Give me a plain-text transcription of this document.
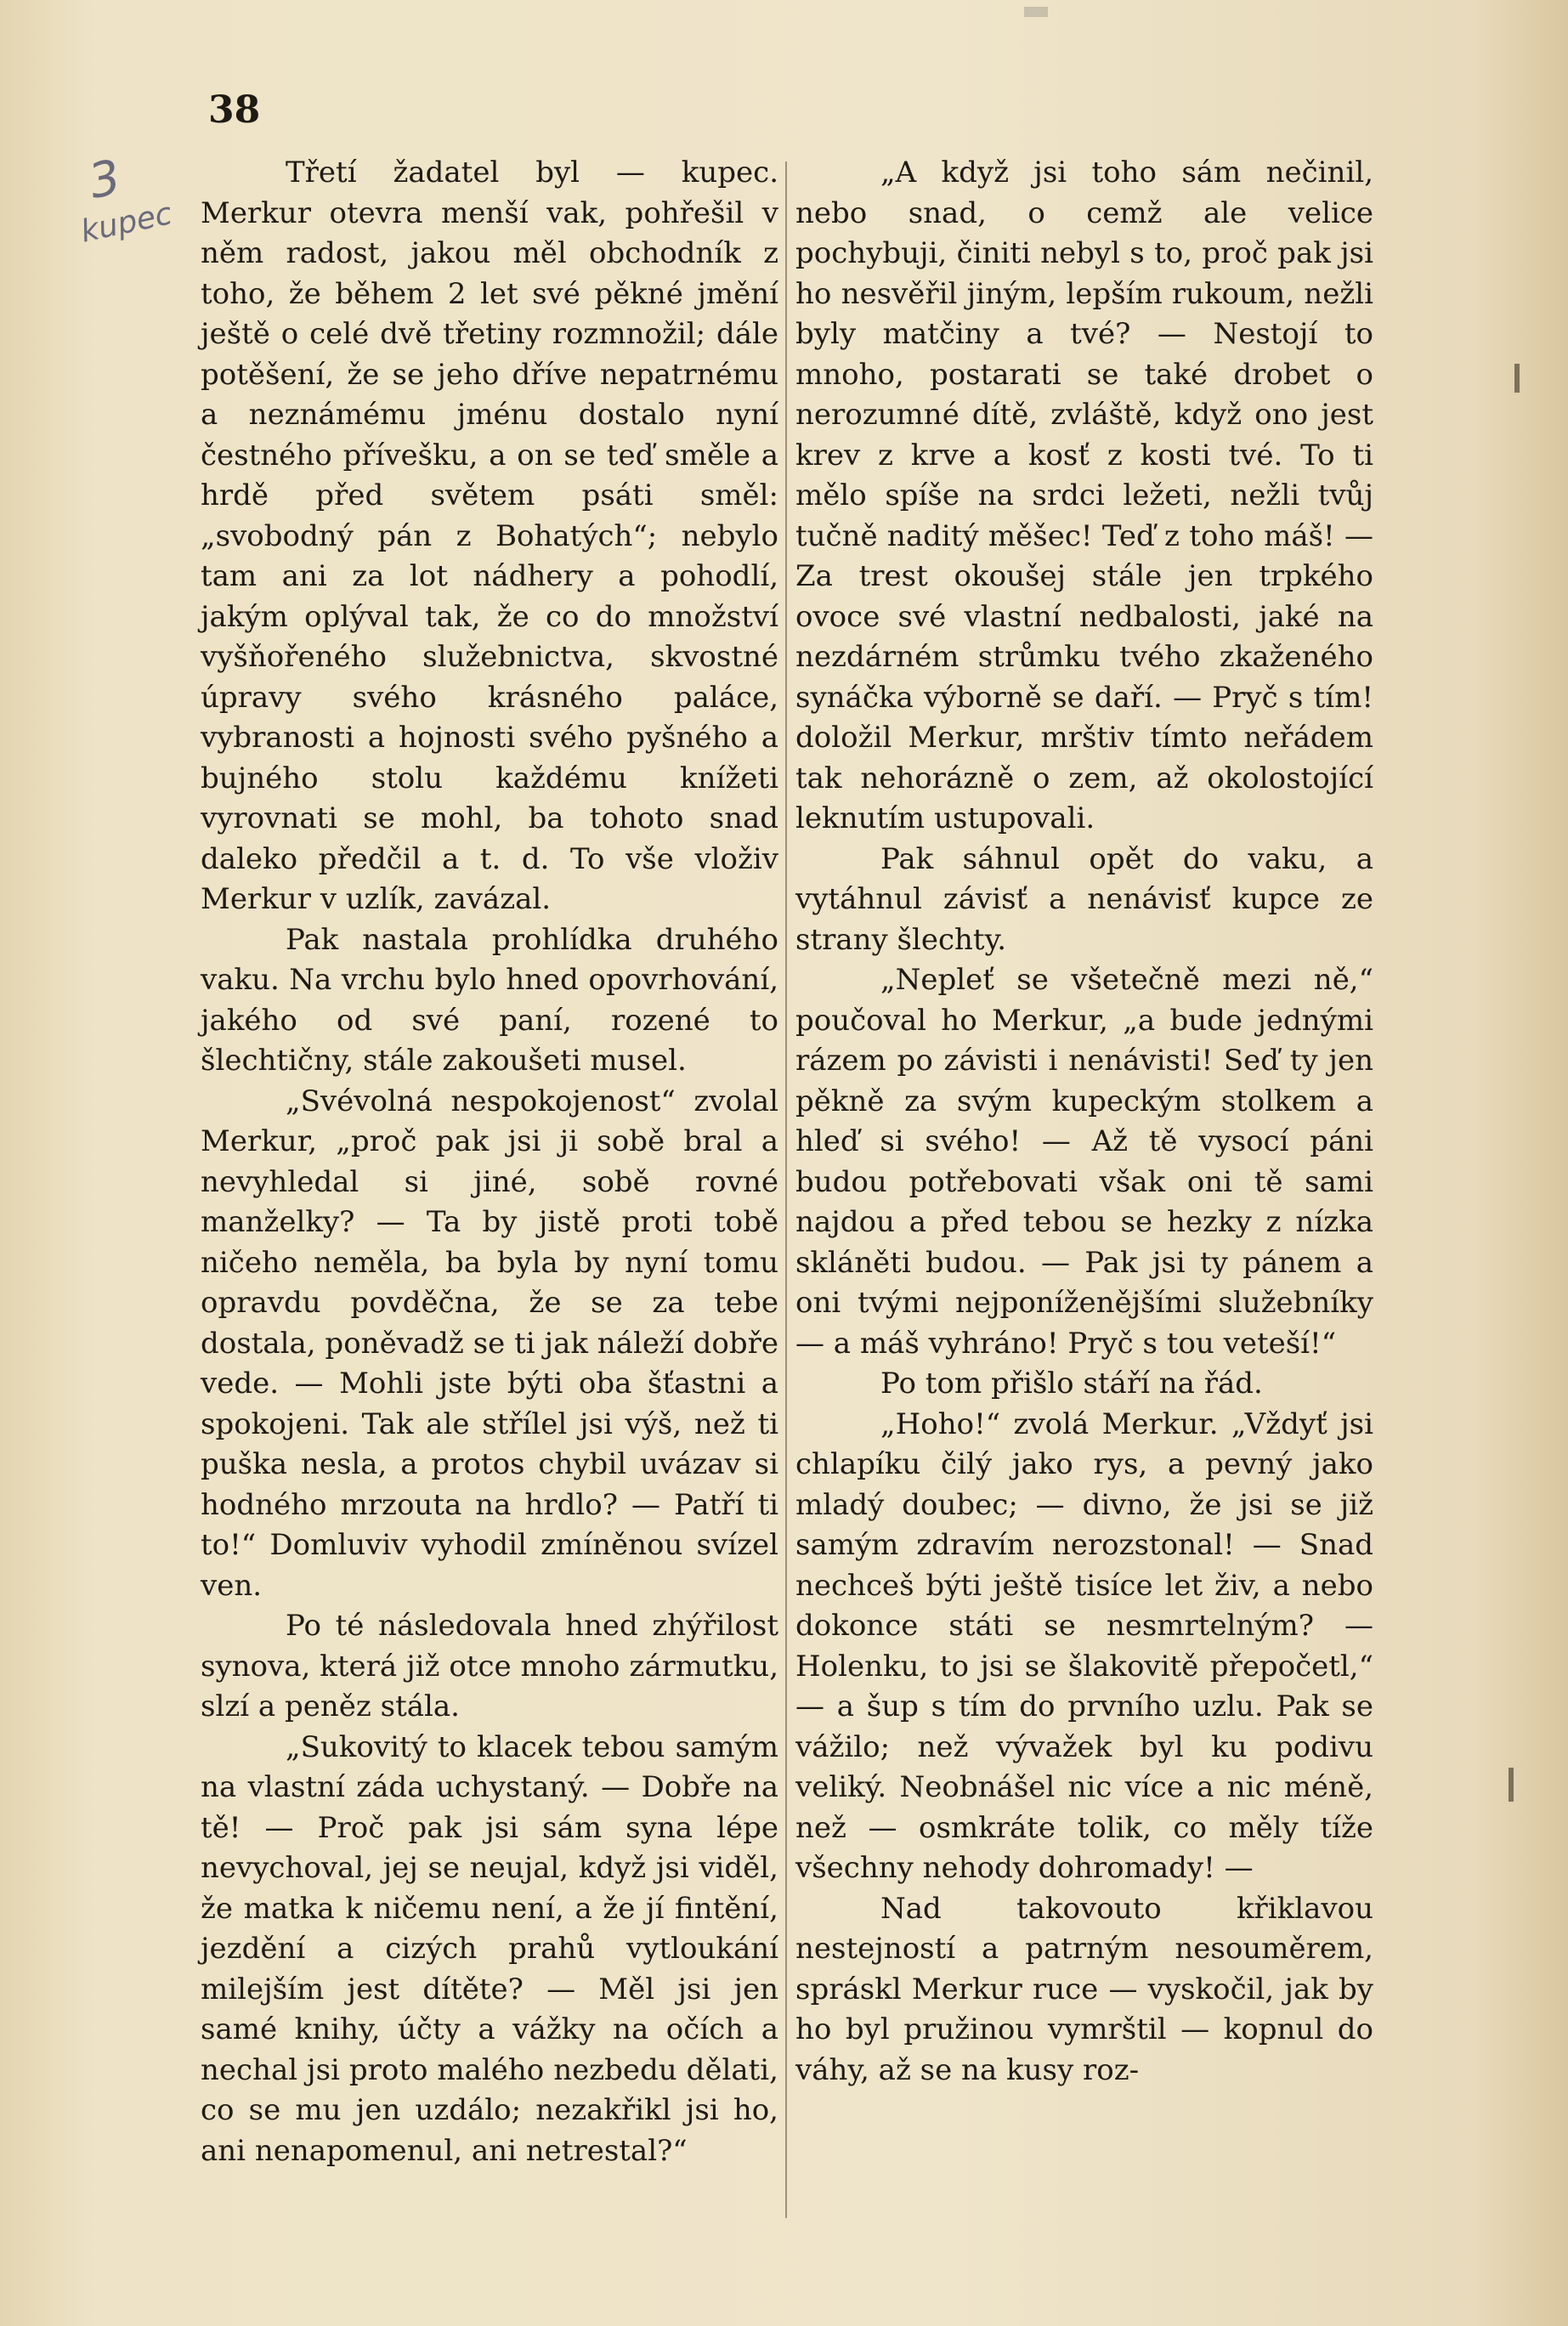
38
3
kupec

Třetí žadatel byl — kupec. Merkur otevra menší vak, pohřešil v něm radost, jakou měl obchodník z toho, že během 2 let své pěkné jmění ještě o celé dvě třetiny rozmnožil; dále potěšení, že se jeho dříve nepatrnému a neznámému jménu dostalo nyní čestného přívešku, a on se teď směle a hrdě před světem psáti směl: „svobodný pán z Bohatých“; nebylo tam ani za lot nádhery a pohodlí, jakým oplýval tak, že co do množství vyšňořeného služebnictva, skvostné úpravy svého krásného paláce, vybranosti a hojnosti svého pyšného a bujného stolu každému knížeti vyrovnati se mohl, ba tohoto snad daleko předčil a t. d. To vše vloživ Merkur v uzlík, zavázal.

Pak nastala prohlídka druhého vaku. Na vrchu bylo hned opovrhování, jakého od své paní, rozené to šlechtičny, stále zakoušeti musel.

„Svévolná nespokojenost“ zvolal Merkur, „proč pak jsi ji sobě bral a nevyhledal si jiné, sobě rovné manželky? — Ta by jistě proti tobě ničeho neměla, ba byla by nyní tomu opravdu povděčna, že se za tebe dostala, poněvadž se ti jak náleží dobře vede. — Mohli jste býti oba šťastni a spokojeni. Tak ale střílel jsi výš, než ti puška nesla, a protos chybil uvázav si hodného mrzouta na hrdlo? — Patří ti to!“ Domluviv vyhodil zmíněnou svízel ven.

Po té následovala hned zhýřilost synova, která již otce mnoho zármutku, slzí a peněz stála.

„Sukovitý to klacek tebou samým na vlastní záda uchystaný. — Dobře na tě! — Proč pak jsi sám syna lépe nevychoval, jej se neujal, když jsi viděl, že matka k ničemu není, a že jí fintění, jezdění a cizých prahů vytloukání milejším jest dítěte? — Měl jsi jen samé knihy, účty a vážky na očích a nechal jsi proto malého nezbedu dělati, co se mu jen uzdálo; nezakřikl jsi ho, ani nenapomenul, ani netrestal?“

„A když jsi toho sám nečinil, nebo snad, o cemž ale velice pochybuji, činiti nebyl s to, proč pak jsi ho nesvěřil jiným, lepším rukoum, nežli byly matčiny a tvé? — Nestojí to mnoho, postarati se také drobet o nerozumné dítě, zvláště, když ono jest krev z krve a kosť z kosti tvé. To ti mělo spíše na srdci ležeti, nežli tvůj tučně naditý měšec! Teď z toho máš! — Za trest okoušej stále jen trpkého ovoce své vlastní nedbalosti, jaké na nezdárném strůmku tvého zkaženého synáčka výborně se daří. — Pryč s tím! doložil Merkur, mrštiv tímto neřádem tak nehorázně o zem, až okolostojící leknutím ustupovali.

Pak sáhnul opět do vaku, a vytáhnul závisť a nenávisť kupce ze strany šlechty.

„Nepleť se všetečně mezi ně,“ poučoval ho Merkur, „a bude jednými rázem po závisti i nenávisti! Seď ty jen pěkně za svým kupeckým stolkem a hleď si svého! — Až tě vysocí páni budou potřebovati však oni tě sami najdou a před tebou se hezky z nízka skláněti budou. — Pak jsi ty pánem a oni tvými nejponíženějšími služebníky — a máš vyhráno! Pryč s tou veteší!“

Po tom přišlo stáří na řád.

„Hoho!“ zvolá Merkur. „Vždyť jsi chlapíku čilý jako rys, a pevný jako mladý doubec; — divno, že jsi se již samým zdravím nerozstonal! — Snad nechceš býti ještě tisíce let živ, a nebo dokonce státi se nesmrtelným? — Holenku, to jsi se šlakovitě přepočetl,“ — a šup s tím do prvního uzlu. Pak se vážilo; než vývažek byl ku podivu veliký. Neobnášel nic více a nic méně, než — osmkráte tolik, co měly tíže všechny nehody dohromady! —

Nad takovouto křiklavou nestejností a patrným nesouměrem, spráskl Merkur ruce — vyskočil, jak by ho byl pružinou vymrštil — kopnul do váhy, až se na kusy roz-
